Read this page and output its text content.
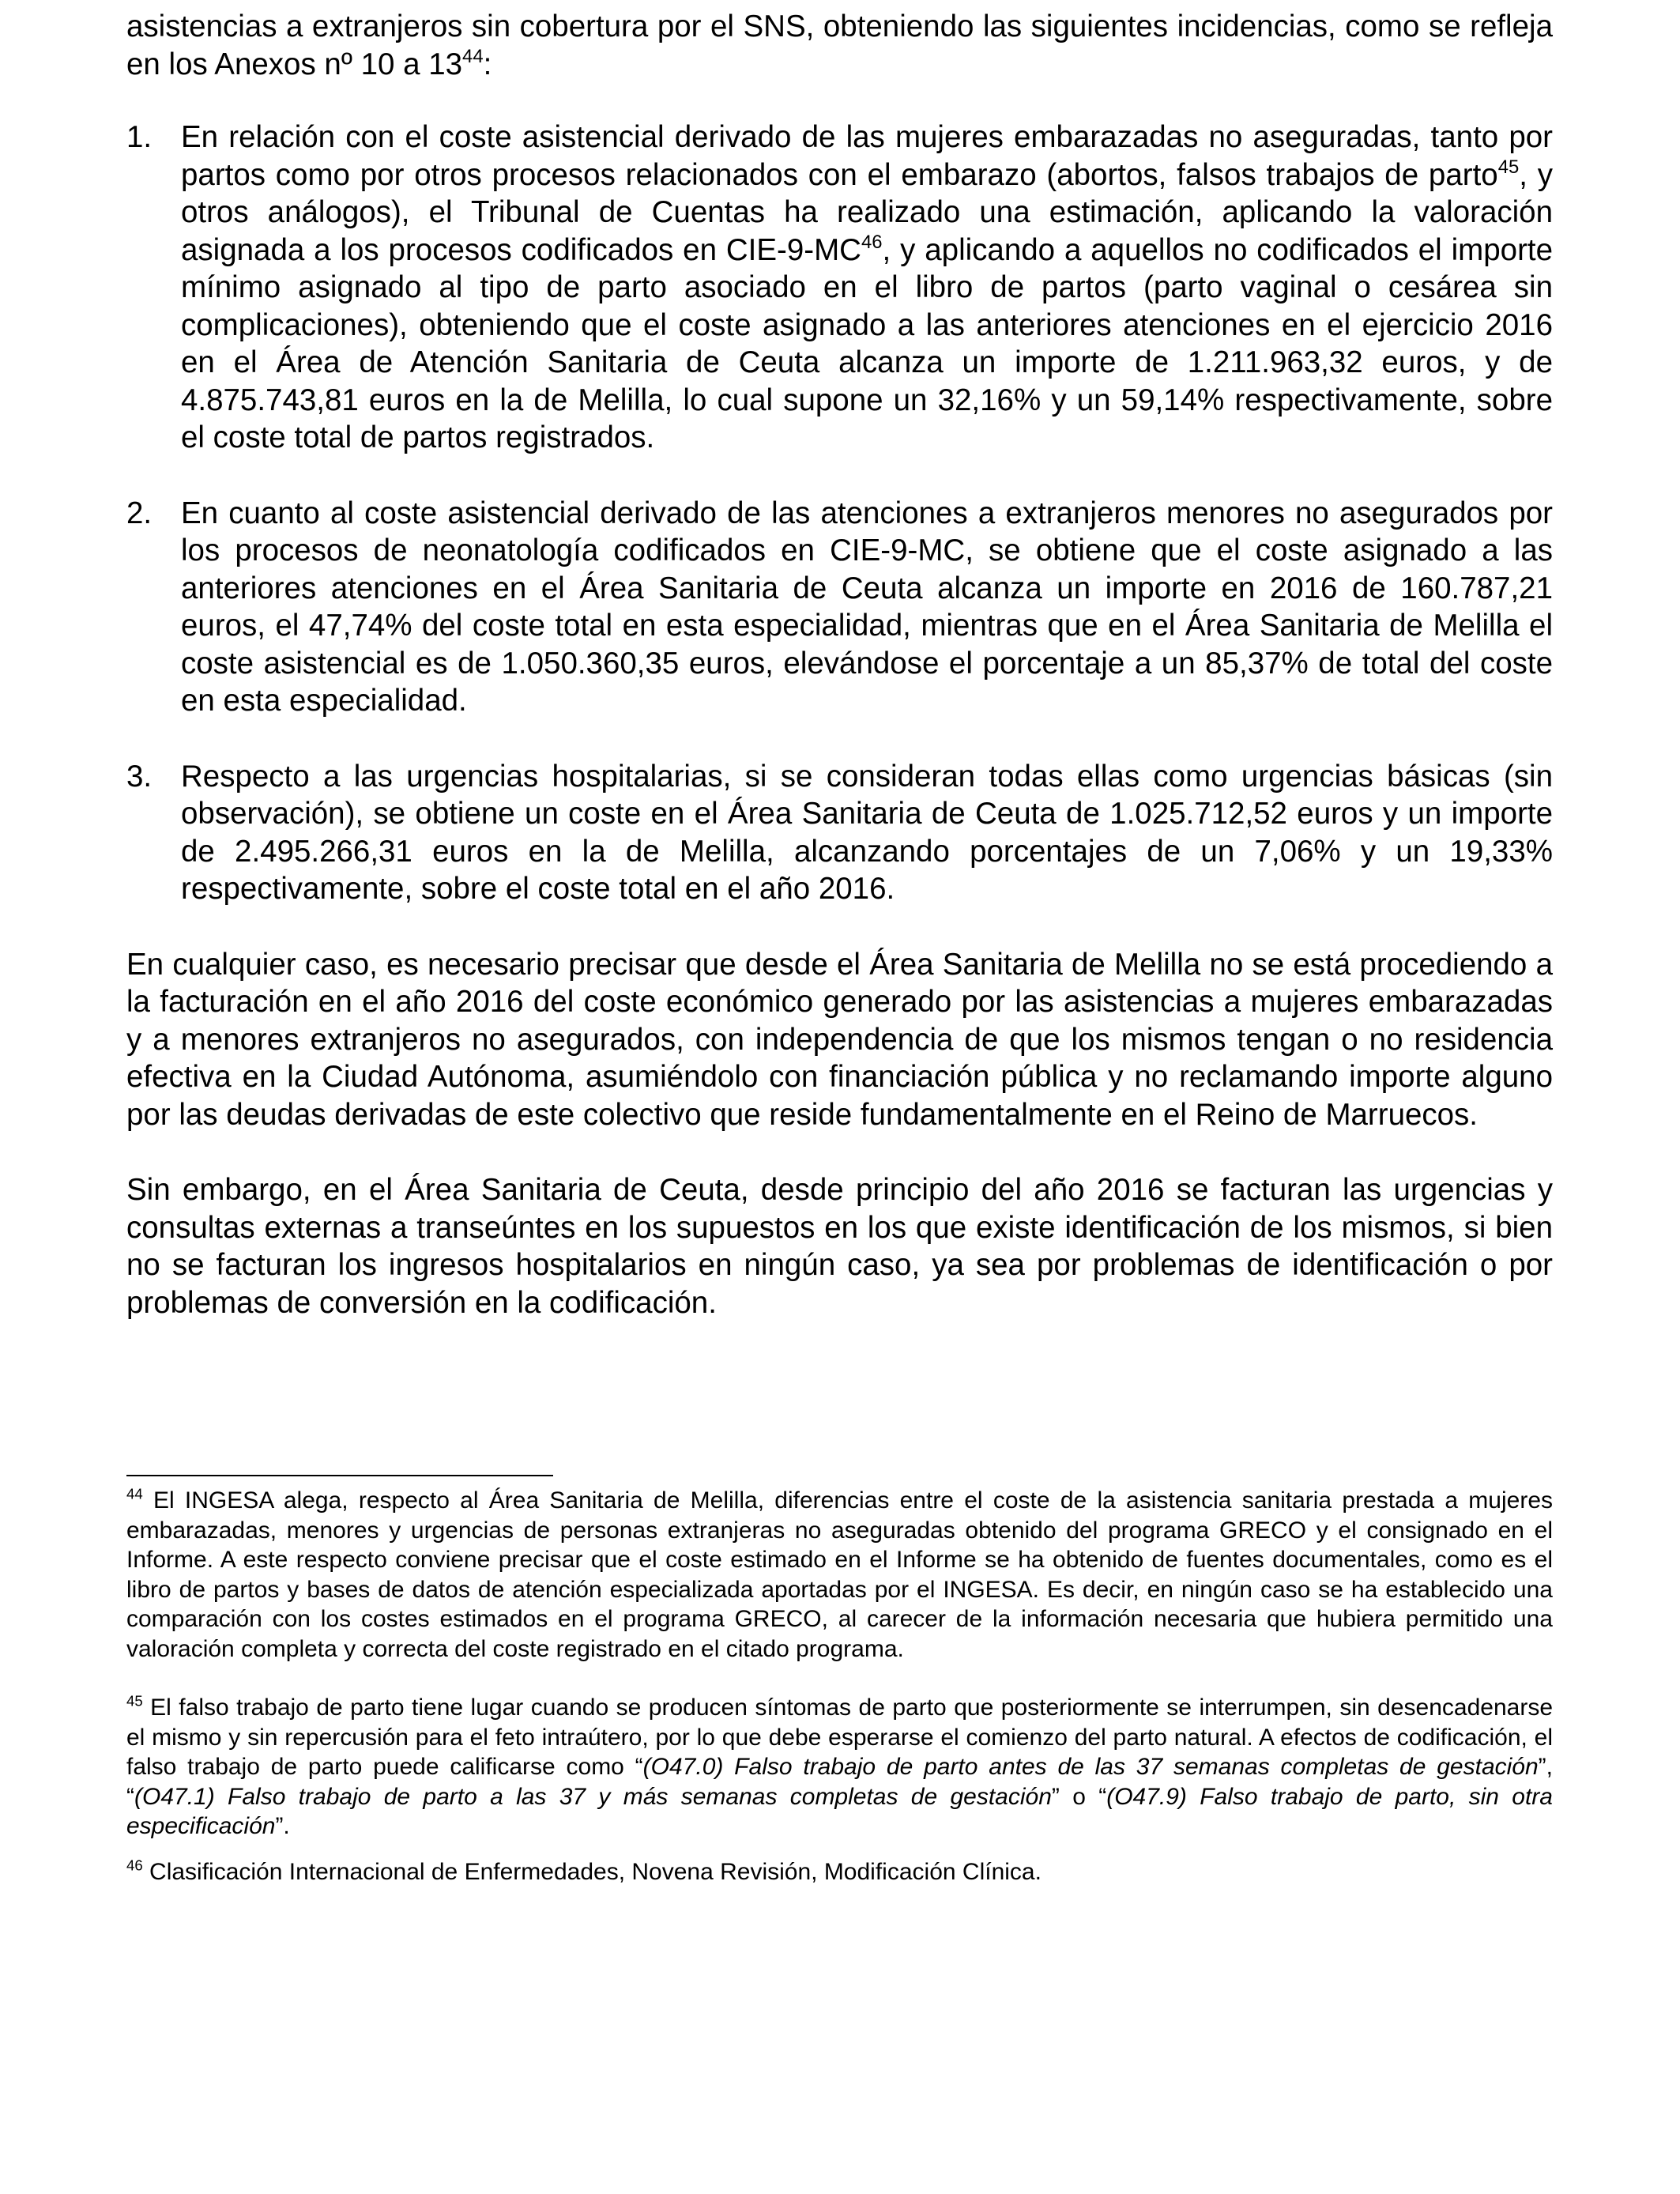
asistencias a extranjeros sin cobertura por el SNS, obteniendo las siguientes incidencias, como se refleja en los Anexos nº 10 a $13^{44}$:

1. En relación con el coste asistencial derivado de las mujeres embarazadas no aseguradas, tanto por partos como por otros procesos relacionados con el embarazo (abortos, falsos trabajos de parto$^{45}$, y otros análogos), el Tribunal de Cuentas ha realizado una estimación, aplicando la valoración asignada a los procesos codificados en CIE-9-MC$^{46}$, y aplicando a aquellos no codificados el importe mínimo asignado al tipo de parto asociado en el libro de partos (parto vaginal o cesárea sin complicaciones), obteniendo que el coste asignado a las anteriores atenciones en el ejercicio 2016 en el Área de Atención Sanitaria de Ceuta alcanza un importe de 1.211.963,32 euros, y de 4.875.743,81 euros en la de Melilla, lo cual supone un 32,16% y un 59,14% respectivamente, sobre el coste total de partos registrados.
2. En cuanto al coste asistencial derivado de las atenciones a extranjeros menores no asegurados por los procesos de neonatología codificados en CIE-9-MC, se obtiene que el coste asignado a las anteriores atenciones en el Área Sanitaria de Ceuta alcanza un importe en 2016 de 160.787,21 euros, el 47,74% del coste total en esta especialidad, mientras que en el Área Sanitaria de Melilla el coste asistencial es de 1.050.360,35 euros, elevándose el porcentaje a un 85,37% de total del coste en esta especialidad.
3. Respecto a las urgencias hospitalarias, si se consideran todas ellas como urgencias básicas (sin observación), se obtiene un coste en el Área Sanitaria de Ceuta de 1.025.712,52 euros y un importe de 2.495.266,31 euros en la de Melilla, alcanzando porcentajes de un 7,06% y un 19,33% respectivamente, sobre el coste total en el año 2016.

En cualquier caso, es necesario precisar que desde el Área Sanitaria de Melilla no se está procediendo a la facturación en el año 2016 del coste económico generado por las asistencias a mujeres embarazadas y a menores extranjeros no asegurados, con independencia de que los mismos tengan o no residencia efectiva en la Ciudad Autónoma, asumiéndolo con financiación pública y no reclamando importe alguno por las deudas derivadas de este colectivo que reside fundamentalmente en el Reino de Marruecos.

Sin embargo, en el Área Sanitaria de Ceuta, desde principio del año 2016 se facturan las urgencias y consultas externas a transeúntes en los supuestos en los que existe identificación de los mismos, si bien no se facturan los ingresos hospitalarios en ningún caso, ya sea por problemas de identificación o por problemas de conversión en la codificación.

$^{44}$ El INGESA alega, respecto al Área Sanitaria de Melilla, diferencias entre el coste de la asistencia sanitaria prestada a mujeres embarazadas, menores y urgencias de personas extranjeras no aseguradas obtenido del programa GRECO y el consignado en el Informe. A este respecto conviene precisar que el coste estimado en el Informe se ha obtenido de fuentes documentales, como es el libro de partos y bases de datos de atención especializada aportadas por el INGESA. Es decir, en ningún caso se ha establecido una comparación con los costes estimados en el programa GRECO, al carecer de la información necesaria que hubiera permitido una valoración completa y correcta del coste registrado en el citado programa.

$^{45}$ El falso trabajo de parto tiene lugar cuando se producen síntomas de parto que posteriormente se interrumpen, sin desencadenarse el mismo y sin repercusión para el feto intraútero, por lo que debe esperarse el comienzo del parto natural. A efectos de codificación, el falso trabajo de parto puede calificarse como “(O47.0) Falso trabajo de parto antes de las 37 semanas completas de gestación”, “(O47.1) Falso trabajo de parto a las 37 y más semanas completas de gestación” o “(O47.9) Falso trabajo de parto, sin otra especificación”.

$^{46}$ Clasificación Internacional de Enfermedades, Novena Revisión, Modificación Clínica.
